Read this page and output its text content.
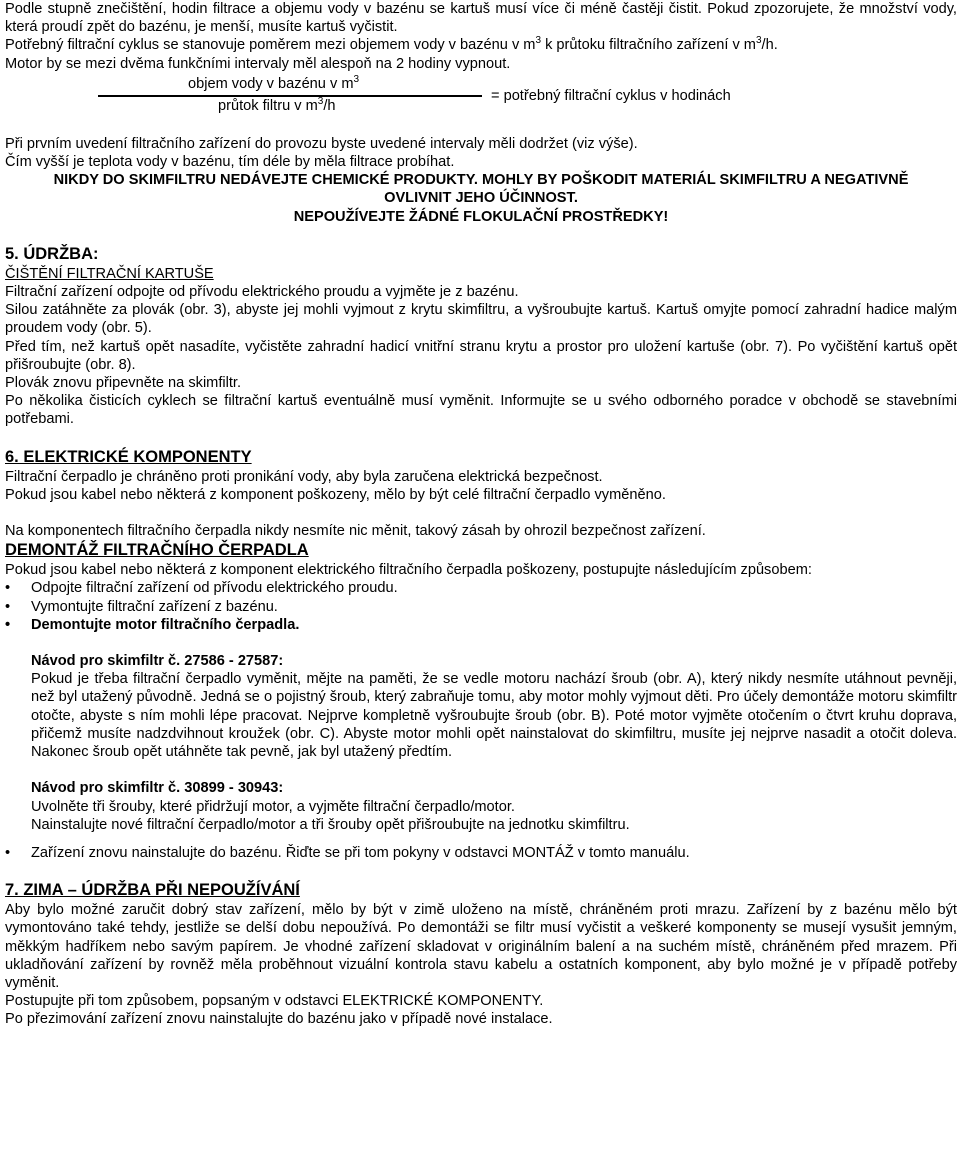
Podle stupně znečištění, hodin filtrace a objemu vody v bazénu se kartuš musí více či méně častěji čistit. Pokud zpozorujete, že množství vody, která proudí zpět do bazénu, je menší, musíte kartuš vyčistit.

Potřebný filtrační cyklus se stanovuje poměrem mezi objemem vody v bazénu v $m^3$ k průtoku filtračního zařízení v $m^3/h$.

Motor by se mezi dvěma funkčními intervaly měl alespoň na 2 hodiny vypnout.

objem vody v bazénu v $m^3$
průtok filtru v $m^3/h$
= potřebný filtrační cyklus v hodinách

Při prvním uvedení filtračního zařízení do provozu byste uvedené intervaly měli dodržet (viz výše).

Čím vyšší je teplota vody v bazénu, tím déle by měla filtrace probíhat.

NIKDY DO SKIMFILTRU NEDÁVEJTE CHEMICKÉ PRODUKTY. MOHLY BY POŠKODIT MATERIÁL SKIMFILTRU A NEGATIVNĚ OVLIVNIT JEHO ÚČINNOST.

NEPOUŽÍVEJTE ŽÁDNÉ FLOKULAČNÍ PROSTŘEDKY!

5. ÚDRŽBA:

ČIŠTĚNÍ FILTRAČNÍ KARTUŠE

Filtrační zařízení odpojte od přívodu elektrického proudu a vyjměte je z bazénu.

Silou zatáhněte za plovák (obr. 3), abyste jej mohli vyjmout z krytu skimfiltru, a vyšroubujte kartuš. Kartuš omyjte pomocí zahradní hadice malým proudem vody (obr. 5).

Před tím, než kartuš opět nasadíte, vyčistěte zahradní hadicí vnitřní stranu krytu a prostor pro uložení kartuše (obr. 7). Po vyčištění kartuš opět přišroubujte (obr. 8).

Plovák znovu připevněte na skimfiltr.

Po několika čisticích cyklech se filtrační kartuš eventuálně musí vyměnit. Informujte se u svého odborného poradce v obchodě se stavebními potřebami.

6. ELEKTRICKÉ KOMPONENTY

Filtrační čerpadlo je chráněno proti pronikání vody, aby byla zaručena elektrická bezpečnost.

Pokud jsou kabel nebo některá z komponent poškozeny, mělo by být celé filtrační čerpadlo vyměněno.

Na komponentech filtračního čerpadla nikdy nesmíte nic měnit, takový zásah by ohrozil bezpečnost zařízení.

DEMONTÁŽ FILTRAČNÍHO ČERPADLA

Pokud jsou kabel nebo některá z komponent elektrického filtračního čerpadla poškozeny, postupujte následujícím způsobem:

• Odpojte filtrační zařízení od přívodu elektrického proudu.
• Vymontujte filtrační zařízení z bazénu.
• Demontujte motor filtračního čerpadla.

Návod pro skimfiltr č. 27586 - 27587:

Pokud je třeba filtrační čerpadlo vyměnit, mějte na paměti, že se vedle motoru nachází šroub (obr. A), který nikdy nesmíte utáhnout pevněji, než byl utažený původně. Jedná se o pojistný šroub, který zabraňuje tomu, aby motor mohly vyjmout děti. Pro účely demontáže motoru skimfiltr otočte, abyste s ním mohli lépe pracovat. Nejprve kompletně vyšroubujte šroub (obr. B). Poté motor vyjměte otočením o čtvrt kruhu doprava, přičemž musíte nadzdvihnout kroužek (obr. C). Abyste motor mohli opět nainstalovat do skimfiltru, musíte jej nejprve nasadit a otočit doleva. Nakonec šroub opět utáhněte tak pevně, jak byl utažený předtím.

Návod pro skimfiltr č. 30899 - 30943:

Uvolněte tři šrouby, které přidržují motor, a vyjměte filtrační čerpadlo/motor.

Nainstalujte nové filtrační čerpadlo/motor a tři šrouby opět přišroubujte na jednotku skimfiltru.

• Zařízení znovu nainstalujte do bazénu. Řiďte se při tom pokyny v odstavci MONTÁŽ v tomto manuálu.

7. ZIMA – ÚDRŽBA PŘI NEPOUŽÍVÁNÍ

Aby bylo možné zaručit dobrý stav zařízení, mělo by být v zimě uloženo na místě, chráněném proti mrazu. Zařízení by z bazénu mělo být vymontováno také tehdy, jestliže se delší dobu nepoužívá. Po demontáži se filtr musí vyčistit a veškeré komponenty se musejí vysušit jemným, měkkým hadříkem nebo savým papírem. Je vhodné zařízení skladovat v originálním balení a na suchém místě, chráněném před mrazem. Při ukladňování zařízení by rovněž měla proběhnout vizuální kontrola stavu kabelu a ostatních komponent, aby bylo možné je v případě potřeby vyměnit.

Postupujte při tom způsobem, popsaným v odstavci ELEKTRICKÉ KOMPONENTY.

Po přezimování zařízení znovu nainstalujte do bazénu jako v případě nové instalace.
